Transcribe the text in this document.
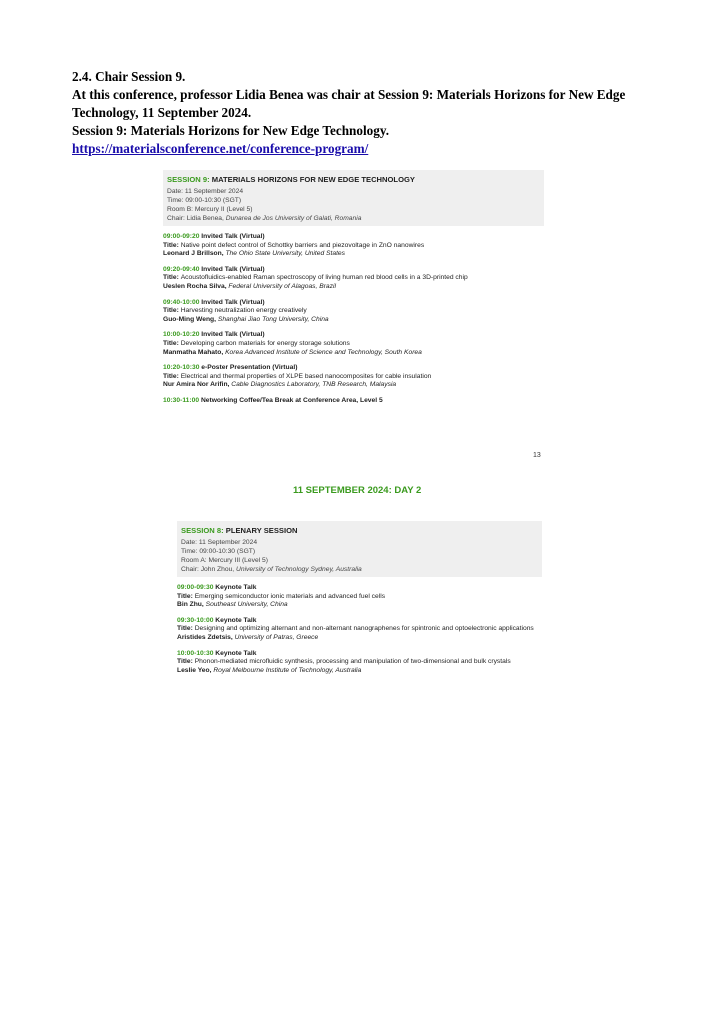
2.4. Chair Session 9.

At this conference, professor Lidia Benea was chair at Session 9: Materials Horizons for New Edge Technology, 11 September 2024.

Session 9: Materials Horizons for New Edge Technology.

https://materialsconference.net/conference-program/
SESSION 9: MATERIALS HORIZONS FOR NEW EDGE TECHNOLOGY
Date: 11 September 2024
Time: 09:00-10:30 (SGT)
Room B: Mercury II (Level 5)
Chair: Lidia Benea, Dunarea de Jos University of Galati, Romania
09:00-09:20 Invited Talk (Virtual)
Title: Native point defect control of Schottky barriers and piezovoltage in ZnO nanowires
Leonard J Brillson, The Ohio State University, United States
09:20-09:40 Invited Talk (Virtual)
Title: Acoustofluidics-enabled Raman spectroscopy of living human red blood cells in a 3D-printed chip
Ueslen Rocha Silva, Federal University of Alagoas, Brazil
09:40-10:00 Invited Talk (Virtual)
Title: Harvesting neutralization energy creatively
Guo-Ming Weng, Shanghai Jiao Tong University, China
10:00-10:20 Invited Talk (Virtual)
Title: Developing carbon materials for energy storage solutions
Manmatha Mahato, Korea Advanced Institute of Science and Technology, South Korea
10:20-10:30 e-Poster Presentation (Virtual)
Title: Electrical and thermal properties of XLPE based nanocomposites for cable insulation
Nur Amira Nor Arifin, Cable Diagnostics Laboratory, TNB Research, Malaysia
10:30-11:00 Networking Coffee/Tea Break at Conference Area, Level 5
13
11 SEPTEMBER 2024: DAY 2
SESSION 8: PLENARY SESSION
Date: 11 September 2024
Time: 09:00-10:30 (SGT)
Room A: Mercury III (Level 5)
Chair: John Zhou, University of Technology Sydney, Australia
09:00-09:30 Keynote Talk
Title: Emerging semiconductor ionic materials and advanced fuel cells
Bin Zhu, Southeast University, China
09:30-10:00 Keynote Talk
Title: Designing and optimizing alternant and non-alternant nanographenes for spintronic and optoelectronic applications
Aristides Zdetsis, University of Patras, Greece
10:00-10:30 Keynote Talk
Title: Phonon-mediated microfluidic synthesis, processing and manipulation of two-dimensional and bulk crystals
Leslie Yeo, Royal Melbourne Institute of Technology, Australia
